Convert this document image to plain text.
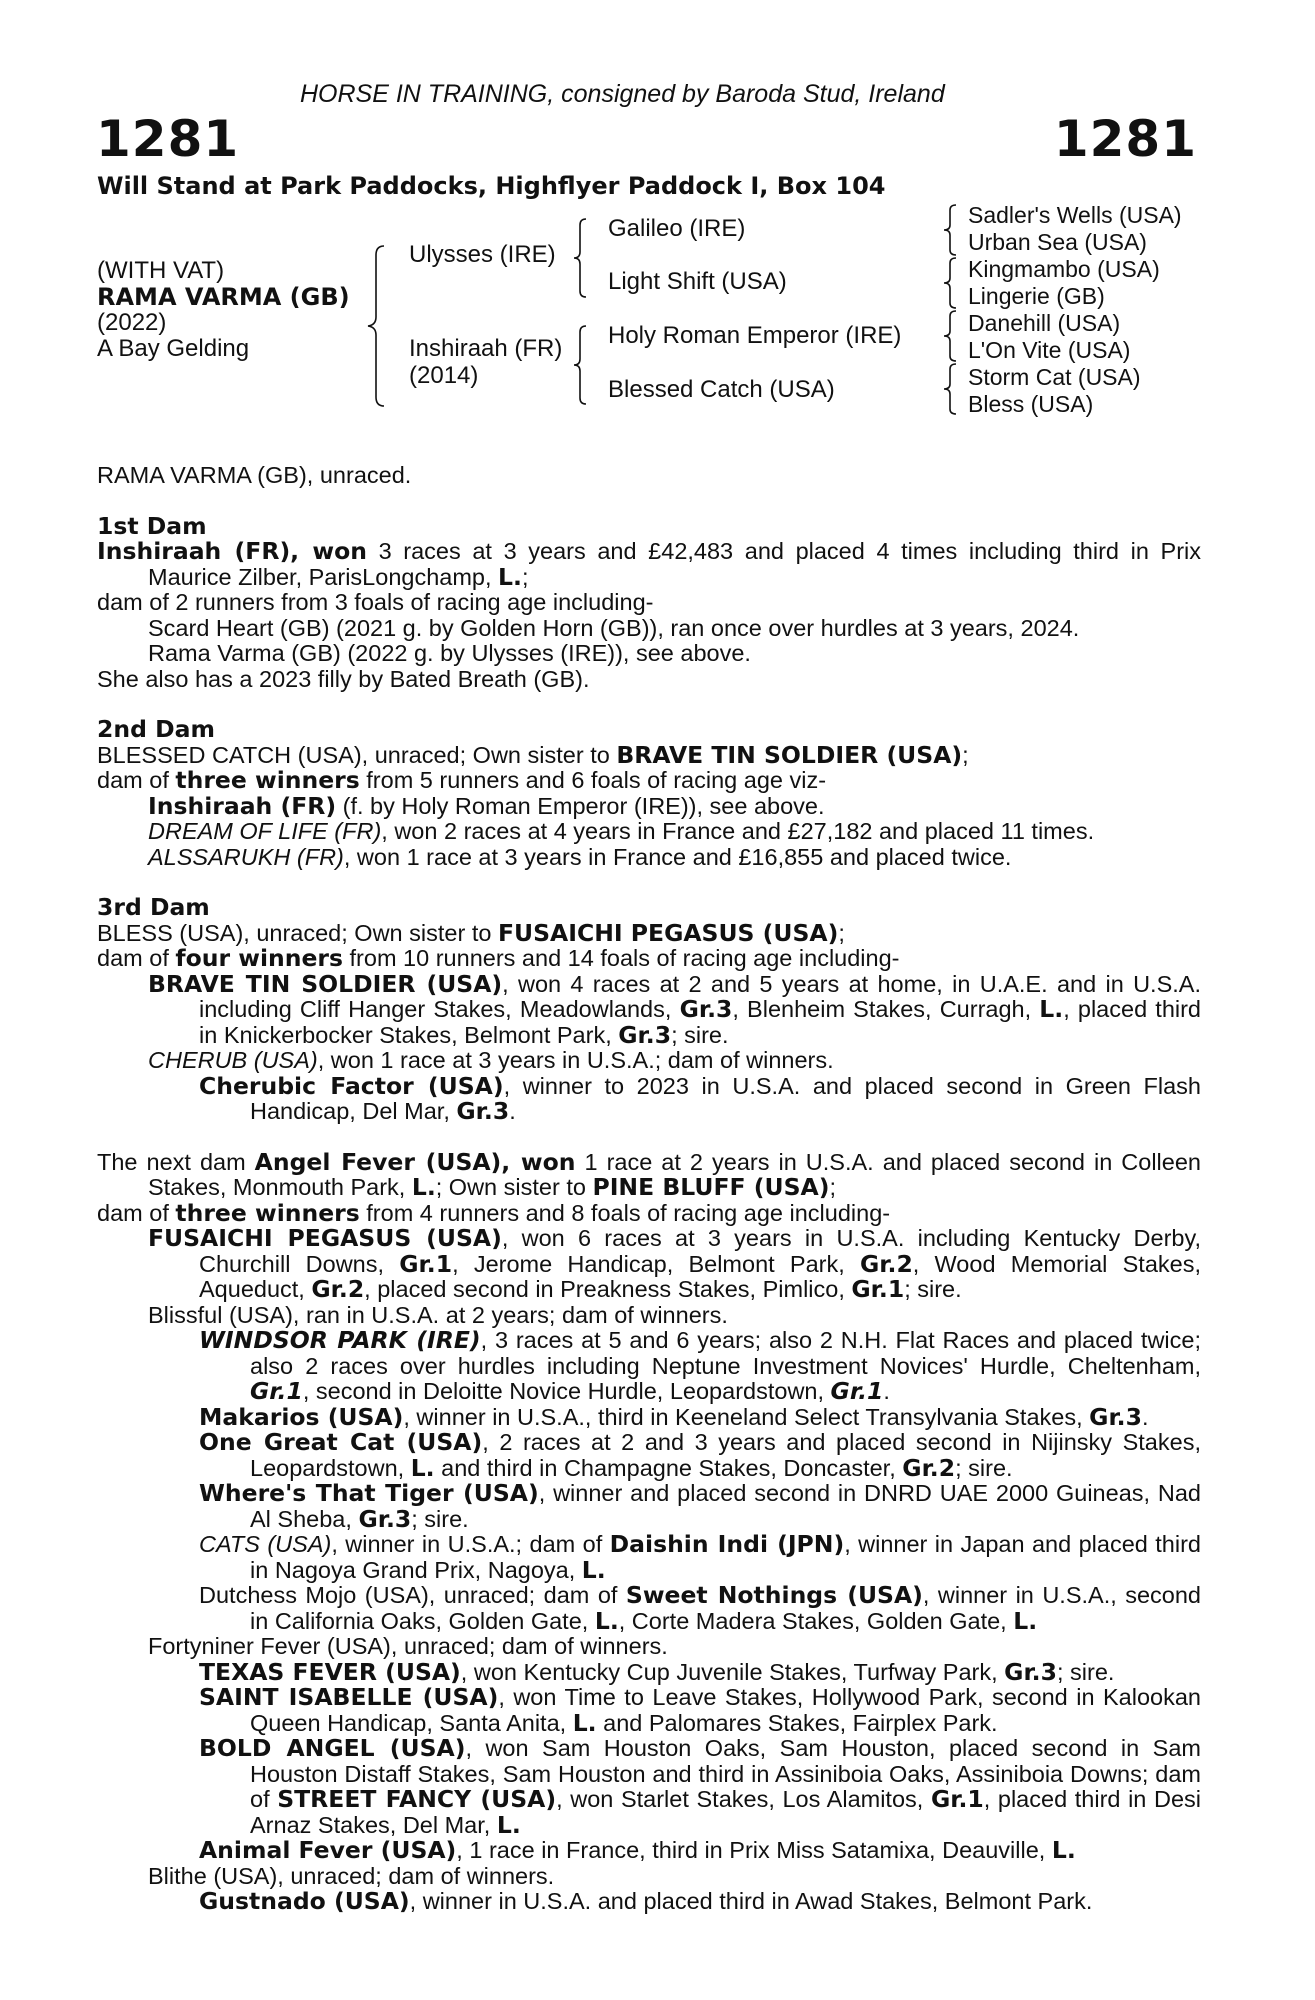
HORSE IN TRAINING, consigned by Baroda Stud, Ireland
1281	1281
Will Stand at Park Paddocks, Highflyer Paddock I, Box 104
(WITH VAT)
RAMA VARMA (GB)
(2022)
A Bay Gelding
Ulysses (IRE)
Inshiraah (FR)
(2014)
Galileo (IRE)
Light Shift (USA)
Holy Roman Emperor (IRE)
Blessed Catch (USA)
Sadler's Wells (USA)
Urban Sea (USA)
Kingmambo (USA)
Lingerie (GB)
Danehill (USA)
L'On Vite (USA)
Storm Cat (USA)
Bless (USA)

RAMA VARMA (GB), unraced.

1st Dam

Inshiraah (FR), won 3 races at 3 years and £42,483 and placed 4 times including third in Prix Maurice Zilber, ParisLongchamp, L.;

dam of 2 runners from 3 foals of racing age including-

Scard Heart (GB) (2021 g. by Golden Horn (GB)), ran once over hurdles at 3 years, 2024.

Rama Varma (GB) (2022 g. by Ulysses (IRE)), see above.

She also has a 2023 filly by Bated Breath (GB).

2nd Dam

BLESSED CATCH (USA), unraced; Own sister to BRAVE TIN SOLDIER (USA);

dam of three winners from 5 runners and 6 foals of racing age viz-

Inshiraah (FR) (f. by Holy Roman Emperor (IRE)), see above.

DREAM OF LIFE (FR), won 2 races at 4 years in France and £27,182 and placed 11 times.

ALSSARUKH (FR), won 1 race at 3 years in France and £16,855 and placed twice.

3rd Dam

BLESS (USA), unraced; Own sister to FUSAICHI PEGASUS (USA);

dam of four winners from 10 runners and 14 foals of racing age including-

BRAVE TIN SOLDIER (USA), won 4 races at 2 and 5 years at home, in U.A.E. and in U.S.A. including Cliff Hanger Stakes, Meadowlands, Gr.3, Blenheim Stakes, Curragh, L., placed third in Knickerbocker Stakes, Belmont Park, Gr.3; sire.

CHERUB (USA), won 1 race at 3 years in U.S.A.; dam of winners.

Cherubic Factor (USA), winner to 2023 in U.S.A. and placed second in Green Flash Handicap, Del Mar, Gr.3.

The next dam Angel Fever (USA), won 1 race at 2 years in U.S.A. and placed second in Colleen Stakes, Monmouth Park, L.; Own sister to PINE BLUFF (USA);

dam of three winners from 4 runners and 8 foals of racing age including-

FUSAICHI PEGASUS (USA), won 6 races at 3 years in U.S.A. including Kentucky Derby, Churchill Downs, Gr.1, Jerome Handicap, Belmont Park, Gr.2, Wood Memorial Stakes, Aqueduct, Gr.2, placed second in Preakness Stakes, Pimlico, Gr.1; sire.

Blissful (USA), ran in U.S.A. at 2 years; dam of winners.

WINDSOR PARK (IRE), 3 races at 5 and 6 years; also 2 N.H. Flat Races and placed twice; also 2 races over hurdles including Neptune Investment Novices' Hurdle, Cheltenham, Gr.1, second in Deloitte Novice Hurdle, Leopardstown, Gr.1.

Makarios (USA), winner in U.S.A., third in Keeneland Select Transylvania Stakes, Gr.3.

One Great Cat (USA), 2 races at 2 and 3 years and placed second in Nijinsky Stakes, Leopardstown, L. and third in Champagne Stakes, Doncaster, Gr.2; sire.

Where's That Tiger (USA), winner and placed second in DNRD UAE 2000 Guineas, Nad Al Sheba, Gr.3; sire.

CATS (USA), winner in U.S.A.; dam of Daishin Indi (JPN), winner in Japan and placed third in Nagoya Grand Prix, Nagoya, L.

Dutchess Mojo (USA), unraced; dam of Sweet Nothings (USA), winner in U.S.A., second in California Oaks, Golden Gate, L., Corte Madera Stakes, Golden Gate, L.

Fortyniner Fever (USA), unraced; dam of winners.

TEXAS FEVER (USA), won Kentucky Cup Juvenile Stakes, Turfway Park, Gr.3; sire.

SAINT ISABELLE (USA), won Time to Leave Stakes, Hollywood Park, second in Kalookan Queen Handicap, Santa Anita, L. and Palomares Stakes, Fairplex Park.

BOLD ANGEL (USA), won Sam Houston Oaks, Sam Houston, placed second in Sam Houston Distaff Stakes, Sam Houston and third in Assiniboia Oaks, Assiniboia Downs; dam of STREET FANCY (USA), won Starlet Stakes, Los Alamitos, Gr.1, placed third in Desi Arnaz Stakes, Del Mar, L.

Animal Fever (USA), 1 race in France, third in Prix Miss Satamixa, Deauville, L.

Blithe (USA), unraced; dam of winners.

Gustnado (USA), winner in U.S.A. and placed third in Awad Stakes, Belmont Park.
